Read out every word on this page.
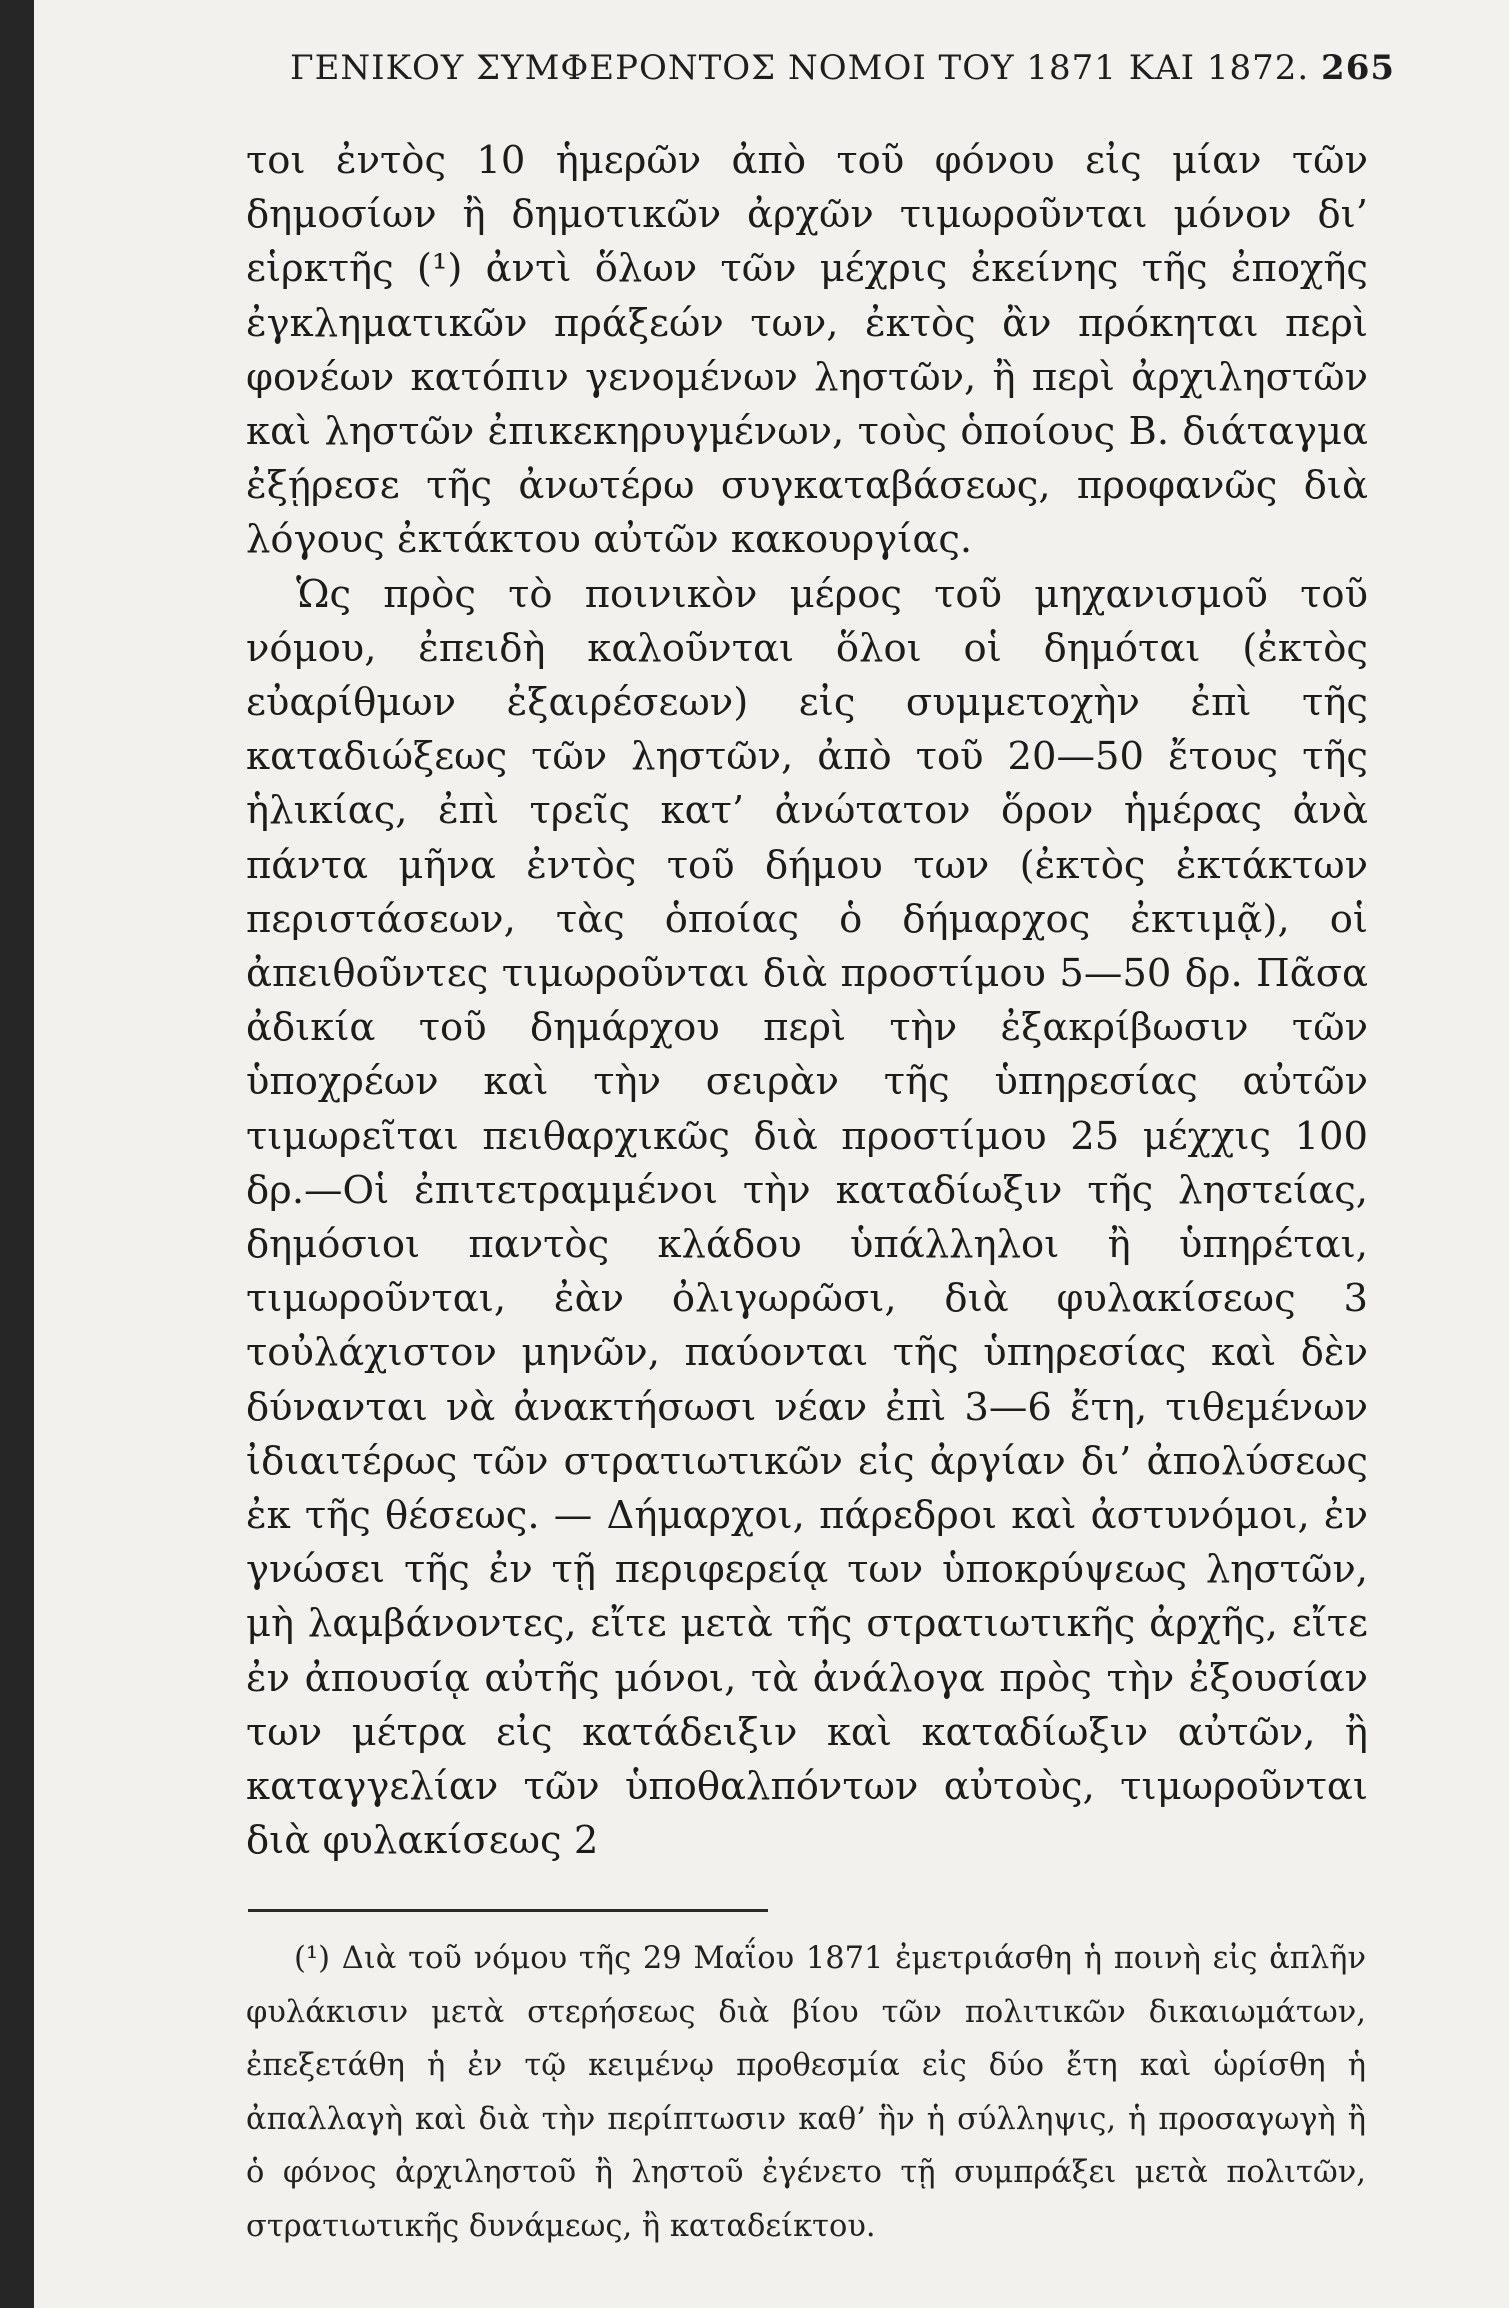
ΓΕΝΙΚΟΥ ΣΥΜΦΕΡΟΝΤΟΣ ΝΟΜΟΙ ΤΟΥ 1871 ΚΑΙ 1872. 265

τοι ἐντὸς 10 ἡμερῶν ἀπὸ τοῦ φόνου εἰς μίαν τῶν δημοσίων ἢ δημοτικῶν ἀρχῶν τιμωροῦνται μόνον δι’ εἱρκτῆς (¹) ἀντὶ ὅλων τῶν μέχρις ἐκείνης τῆς ἐποχῆς ἐγκληματικῶν πράξεών των, ἐκτὸς ἂν πρόκηται περὶ φονέων κατόπιν γενομένων ληστῶν, ἢ περὶ ἀρχιληστῶν καὶ ληστῶν ἐπικεκηρυγμένων, τοὺς ὁποίους Β. διάταγμα ἐξῄρεσε τῆς ἀνωτέρω συγκαταβάσεως, προφανῶς διὰ λόγους ἐκτάκτου αὐτῶν κακουργίας.

Ὡς πρὸς τὸ ποινικὸν μέρος τοῦ μηχανισμοῦ τοῦ νόμου, ἐπειδὴ καλοῦνται ὅλοι οἱ δημόται (ἐκτὸς εὐαρίθμων ἐξαιρέσεων) εἰς συμμετοχὴν ἐπὶ τῆς καταδιώξεως τῶν ληστῶν, ἀπὸ τοῦ 20—50 ἔτους τῆς ἡλικίας, ἐπὶ τρεῖς κατ’ ἀνώτατον ὅρον ἡμέρας ἀνὰ πάντα μῆνα ἐντὸς τοῦ δήμου των (ἐκτὸς ἐκτάκτων περιστάσεων, τὰς ὁποίας ὁ δήμαρχος ἐκτιμᾷ), οἱ ἀπειθοῦντες τιμωροῦνται διὰ προστίμου 5—50 δρ. Πᾶσα ἀδικία τοῦ δημάρχου περὶ τὴν ἐξακρίβωσιν τῶν ὑποχρέων καὶ τὴν σειρὰν τῆς ὑπηρεσίας αὐτῶν τιμωρεῖται πειθαρχικῶς διὰ προστίμου 25 μέχχις 100 δρ.—Οἱ ἐπιτετραμμένοι τὴν καταδίωξιν τῆς ληστείας, δημόσιοι παντὸς κλάδου ὑπάλληλοι ἢ ὑπηρέται, τιμωροῦνται, ἐὰν ὀλιγωρῶσι, διὰ φυλακίσεως 3 τοὐλάχιστον μηνῶν, παύονται τῆς ὑπηρεσίας καὶ δὲν δύνανται νὰ ἀνακτήσωσι νέαν ἐπὶ 3—6 ἔτη, τιθεμένων ἰδιαιτέρως τῶν στρατιωτικῶν εἰς ἀργίαν δι’ ἀπολύσεως ἐκ τῆς θέσεως. — Δήμαρχοι, πάρεδροι καὶ ἀστυνόμοι, ἐν γνώσει τῆς ἐν τῇ περιφερείᾳ των ὑποκρύψεως ληστῶν, μὴ λαμβάνοντες, εἴτε μετὰ τῆς στρατιωτικῆς ἀρχῆς, εἴτε ἐν ἀπουσίᾳ αὐτῆς μόνοι, τὰ ἀνάλογα πρὸς τὴν ἐξουσίαν των μέτρα εἰς κατάδειξιν καὶ καταδίωξιν αὐτῶν, ἢ καταγγελίαν τῶν ὑποθαλπόντων αὐτοὺς, τιμωροῦνται διὰ φυλακίσεως 2

(¹) Διὰ τοῦ νόμου τῆς 29 Μαΐου 1871 ἐμετριάσθη ἡ ποινὴ εἰς ἁπλῆν φυλάκισιν μετὰ στερήσεως διὰ βίου τῶν πολιτικῶν δικαιωμάτων, ἐπεξετάθη ἡ ἐν τῷ κειμένῳ προθεσμία εἰς δύο ἔτη καὶ ὡρίσθη ἡ ἀπαλλαγὴ καὶ διὰ τὴν περίπτωσιν καθ’ ἣν ἡ σύλληψις, ἡ προσαγωγὴ ἢ ὁ φόνος ἀρχιληστοῦ ἢ ληστοῦ ἐγένετο τῇ συμπράξει μετὰ πολιτῶν, στρατιωτικῆς δυνάμεως, ἢ καταδείκτου.
